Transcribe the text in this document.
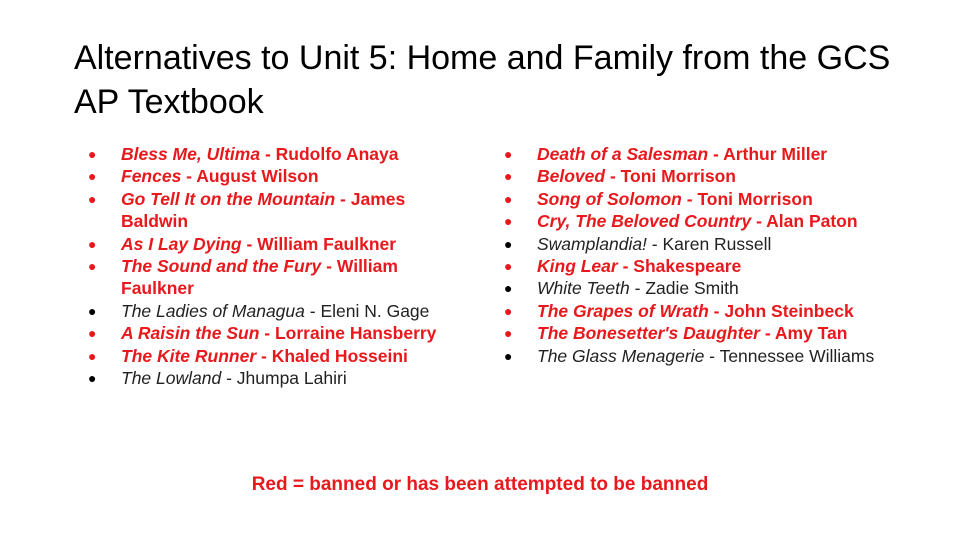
Alternatives to Unit 5: Home and Family from the GCS AP Textbook
● Bless Me, Ultima - Rudolfo Anaya
● Fences - August Wilson
● Go Tell It on the Mountain - James Baldwin
● As I Lay Dying - William Faulkner
● The Sound and the Fury - William Faulkner
● The Ladies of Managua - Eleni N. Gage
● A Raisin the Sun - Lorraine Hansberry
● The Kite Runner - Khaled Hosseini
● The Lowland - Jhumpa Lahiri
● Death of a Salesman - Arthur Miller
● Beloved - Toni Morrison
● Song of Solomon - Toni Morrison
● Cry, The Beloved Country - Alan Paton
● Swamplandia! - Karen Russell
● King Lear - Shakespeare
● White Teeth - Zadie Smith
● The Grapes of Wrath - John Steinbeck
● The Bonesetter's Daughter - Amy Tan
● The Glass Menagerie - Tennessee Williams
Red = banned or has been attempted to be banned
